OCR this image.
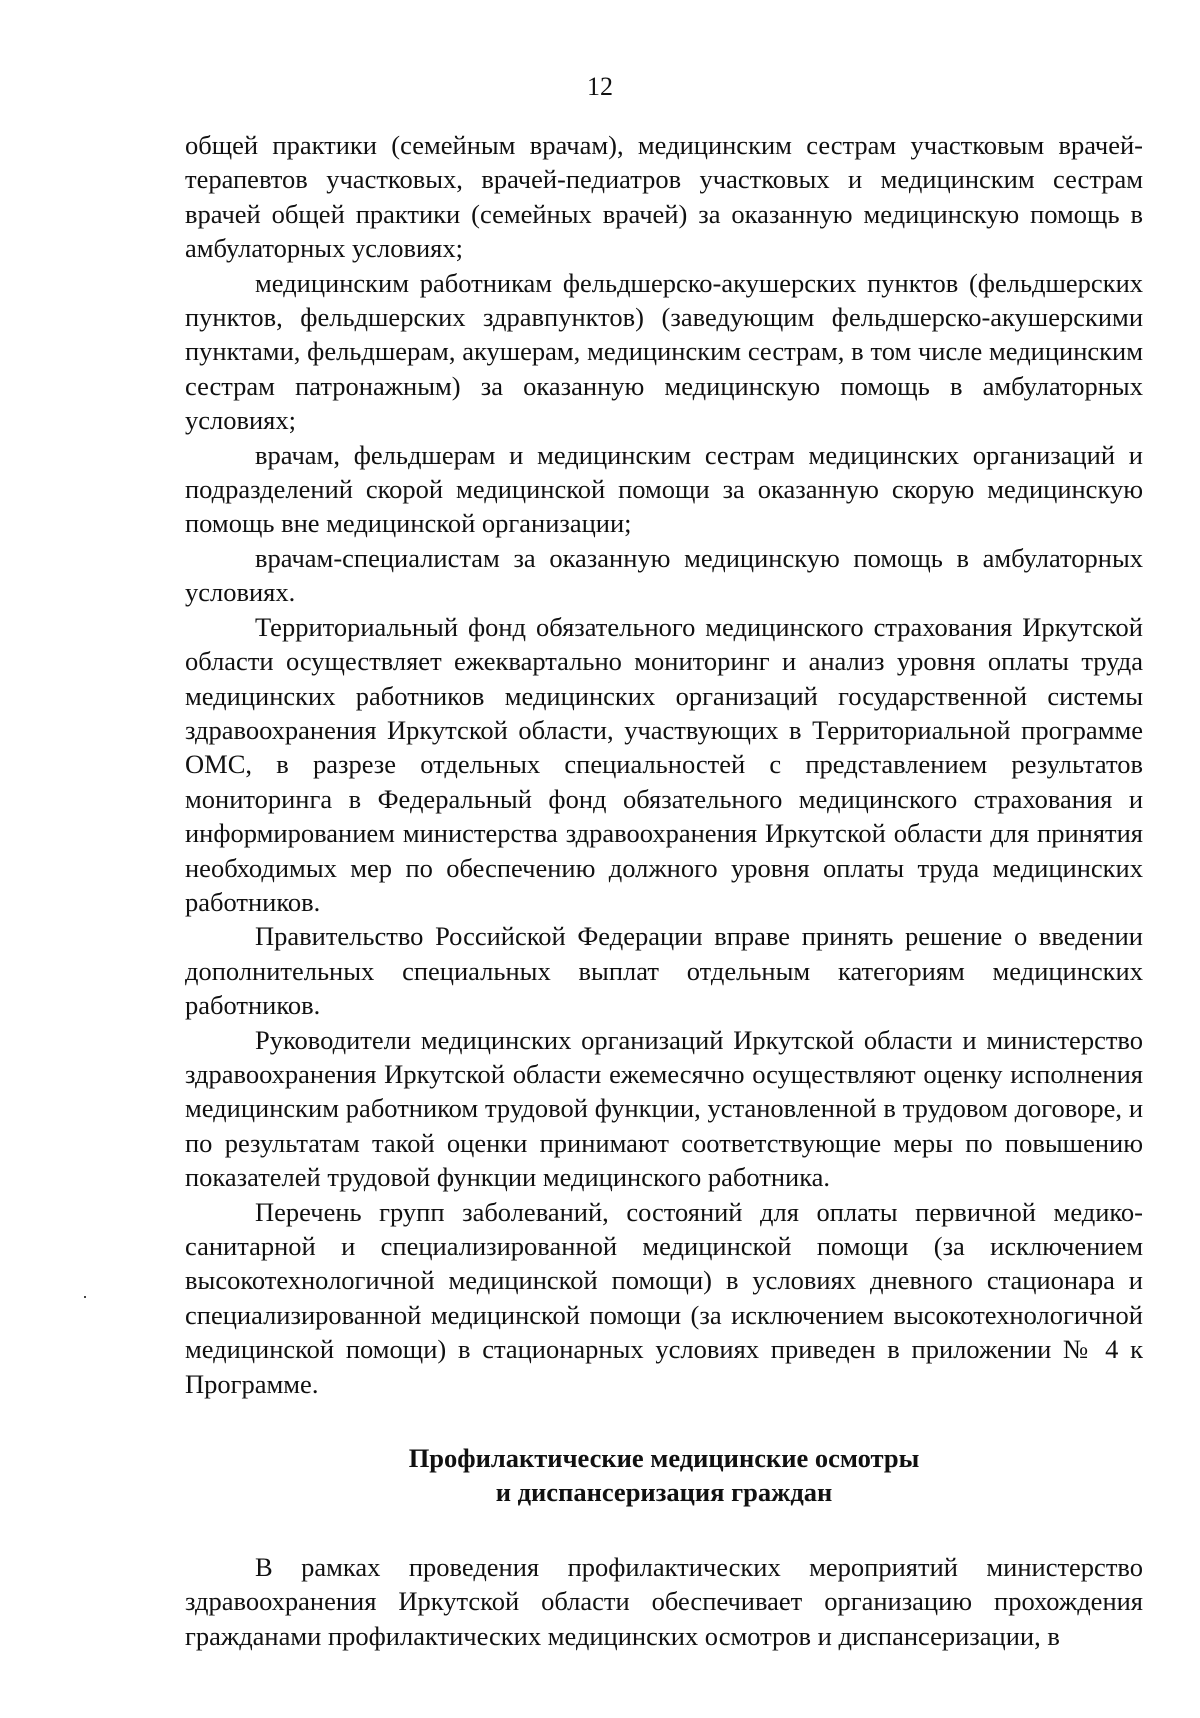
12

общей практики (семейным врачам), медицинским сестрам участковым врачей-терапевтов участковых, врачей-педиатров участковых и медицинским сестрам врачей общей практики (семейных врачей) за оказанную медицинскую помощь в амбулаторных условиях;

медицинским работникам фельдшерско-акушерских пунктов (фельдшерских пунктов, фельдшерских здравпунктов) (заведующим фельдшерско-акушерскими пунктами, фельдшерам, акушерам, медицинским сестрам, в том числе медицинским сестрам патронажным) за оказанную медицинскую помощь в амбулаторных условиях;

врачам, фельдшерам и медицинским сестрам медицинских организаций и подразделений скорой медицинской помощи за оказанную скорую медицинскую помощь вне медицинской организации;

врачам-специалистам за оказанную медицинскую помощь в амбулаторных условиях.

Территориальный фонд обязательного медицинского страхования Иркутской области осуществляет ежеквартально мониторинг и анализ уровня оплаты труда медицинских работников медицинских организаций государственной системы здравоохранения Иркутской области, участвующих в Территориальной программе ОМС, в разрезе отдельных специальностей с представлением результатов мониторинга в Федеральный фонд обязательного медицинского страхования и информированием министерства здравоохранения Иркутской области для принятия необходимых мер по обеспечению должного уровня оплаты труда медицинских работников.

Правительство Российской Федерации вправе принять решение о введении дополнительных специальных выплат отдельным категориям медицинских работников.

Руководители медицинских организаций Иркутской области и министерство здравоохранения Иркутской области ежемесячно осуществляют оценку исполнения медицинским работником трудовой функции, установленной в трудовом договоре, и по результатам такой оценки принимают соответствующие меры по повышению показателей трудовой функции медицинского работника.

Перечень групп заболеваний, состояний для оплаты первичной медико-санитарной и специализированной медицинской помощи (за исключением высокотехнологичной медицинской помощи) в условиях дневного стационара и специализированной медицинской помощи (за исключением высокотехнологичной медицинской помощи) в стационарных условиях приведен в приложении № 4 к Программе.

Профилактические медицинские осмотры
и диспансеризация граждан

В рамках проведения профилактических мероприятий министерство здравоохранения Иркутской области обеспечивает организацию прохождения гражданами профилактических медицинских осмотров и диспансеризации, в
